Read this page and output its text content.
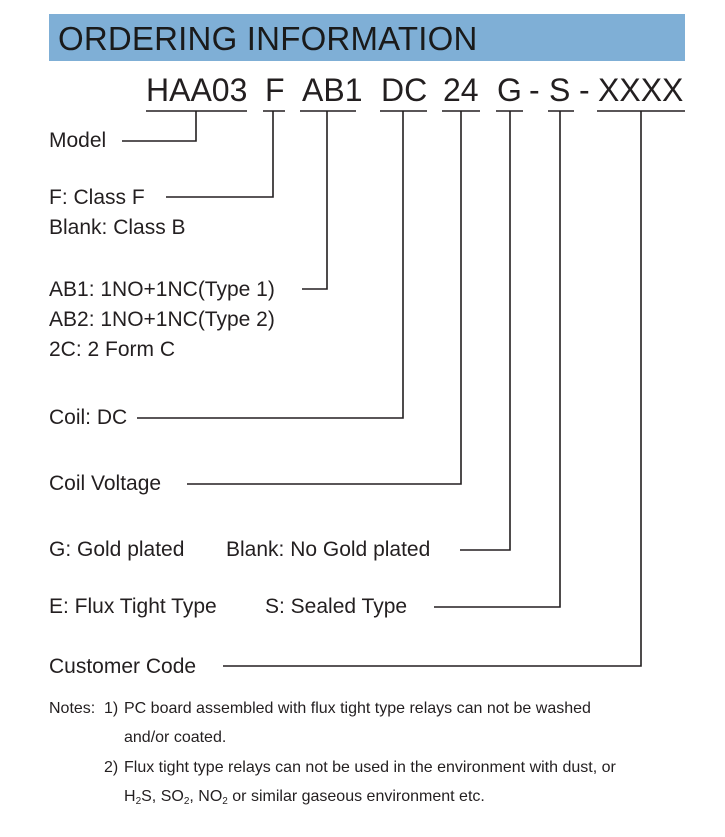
ORDERING INFORMATION
HAA03 F AB1 DC 24 G - S - XXXX
Model
F: Class F
Blank: Class B
AB1: 1NO+1NC(Type 1)
AB2: 1NO+1NC(Type 2)
2C: 2 Form C
Coil: DC
Coil Voltage
G: Gold plated Blank: No Gold plated
E: Flux Tight Type S: Sealed Type
Customer Code
Notes: 1) PC board assembled with flux tight type relays can not be washed
and/or coated.
2) Flux tight type relays can not be used in the environment with dust, or
$H_2S$, $SO_2$, $NO_2$ or similar gaseous environment etc.
